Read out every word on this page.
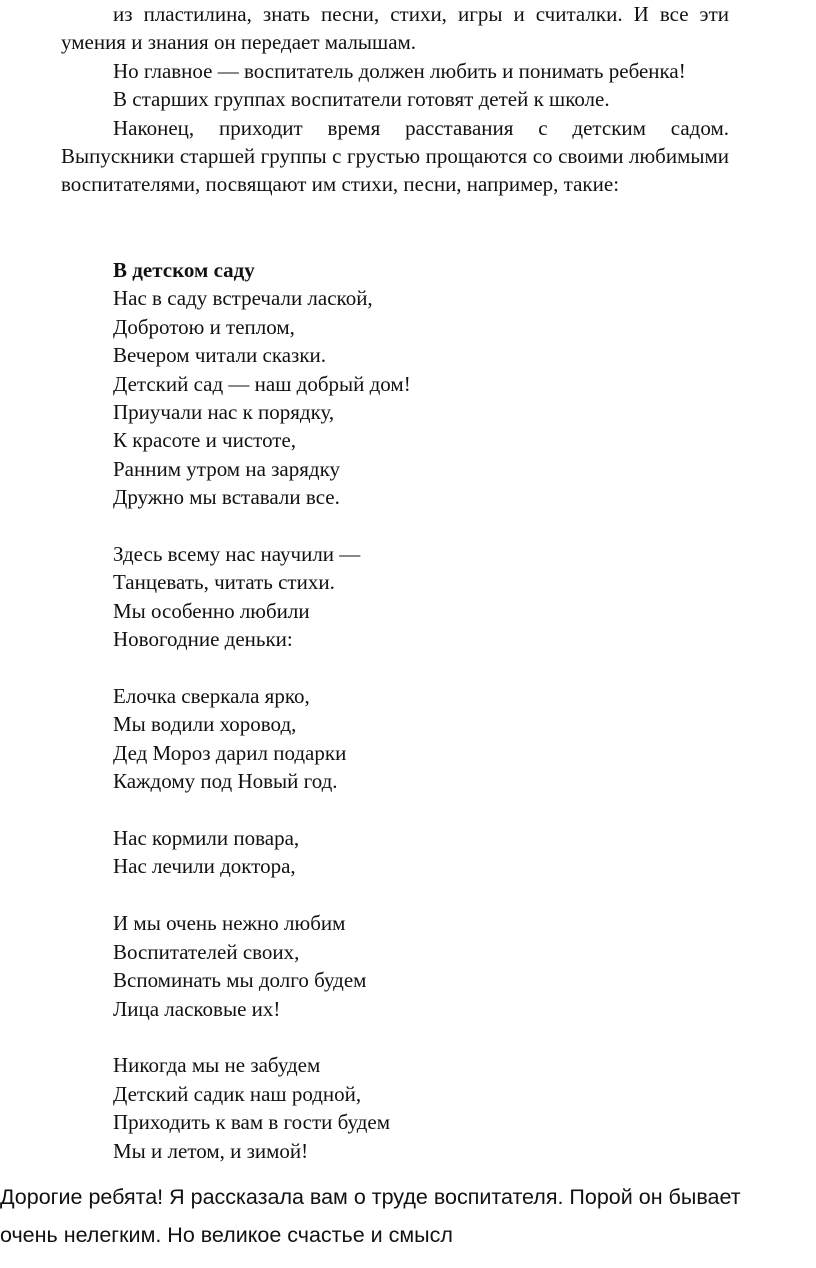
из пластилина, знать песни, стихи, игры и считалки. И все эти умения и знания он передает малышам.

Но главное — воспитатель должен любить и понимать ребенка!

В старших группах воспитатели готовят детей к школе.

Наконец, приходит время расставания с детским садом. Выпускники старшей группы с грустью прощаются со своими любимыми воспитателями, посвящают им стихи, песни, например, такие:

В детском саду

Нас в саду встречали лаской,
Добротою и теплом,
Вечером читали сказки.
Детский сад — наш добрый дом!
Приучали нас к порядку,
К красоте и чистоте,
Ранним утром на зарядку
Дружно мы вставали все.
Здесь всему нас научили —
Танцевать, читать стихи.
Мы особенно любили
Новогодние деньки:
Елочка сверкала ярко,
Мы водили хоровод,
Дед Мороз дарил подарки
Каждому под Новый год.
Нас кормили повара,
Нас лечили доктора,
И мы очень нежно любим
Воспитателей своих,
Вспоминать мы долго будем
Лица ласковые их!
Никогда мы не забудем
Детский садик наш родной,
Приходить к вам в гости будем
Мы и летом, и зимой!
Дорогие ребята! Я рассказала вам о труде воспитателя. Порой он бывает
очень нелегким. Но великое счастье и смысл
